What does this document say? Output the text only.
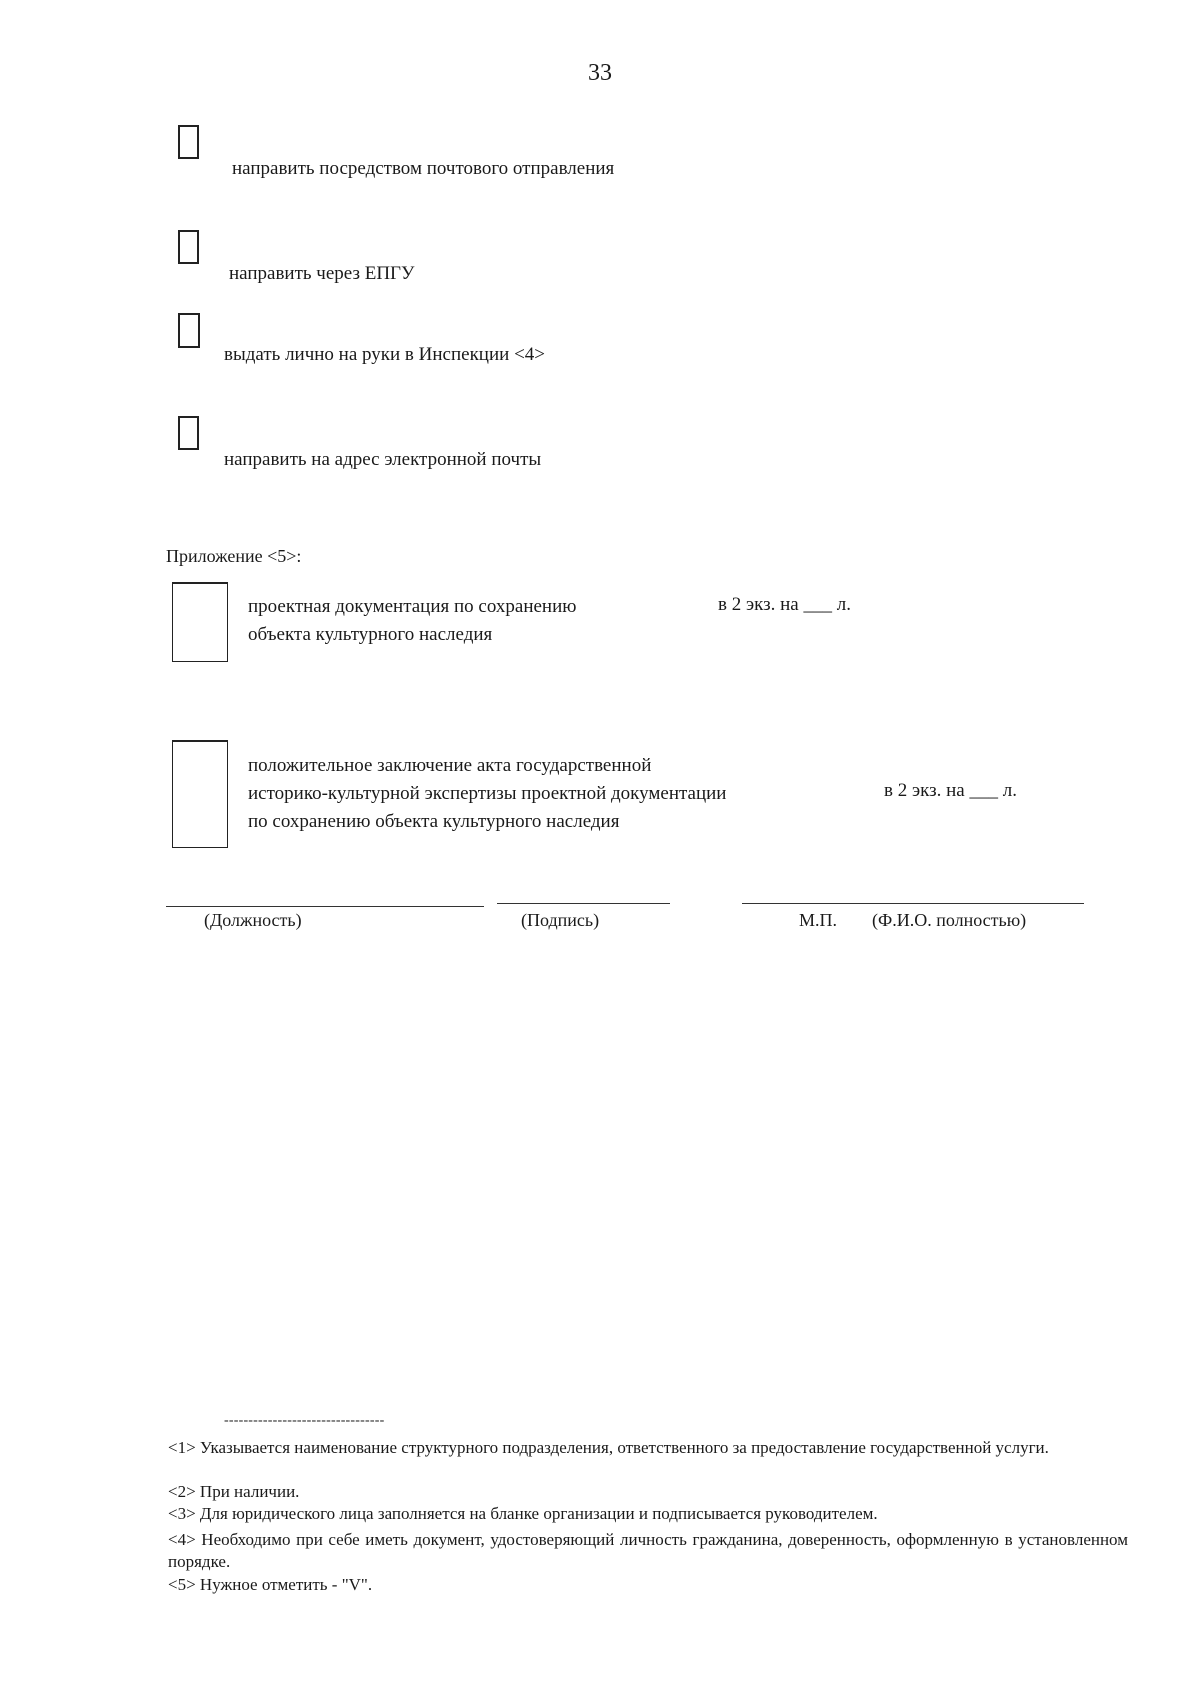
33
направить посредством почтового отправления
направить через ЕПГУ
выдать лично на руки в Инспекции <4>
направить на адрес электронной почты
Приложение <5>:
проектная документация по сохранению
объекта культурного наследия
в 2 экз. на ___ л.
положительное заключение акта государственной
историко-культурной экспертизы проектной документации
по сохранению объекта культурного наследия
в 2 экз. на ___ л.
(Должность)	(Подпись)	М.П. (Ф.И.О. полностью)
---------------------------------
<1> Указывается наименование структурного подразделения, ответственного за предоставление государственной услуги.
<2> При наличии.
<3> Для юридического лица заполняется на бланке организации и подписывается руководителем.
<4> Необходимо при себе иметь документ, удостоверяющий личность гражданина, доверенность, оформленную в установленном порядке.
<5> Нужное отметить - "V".
